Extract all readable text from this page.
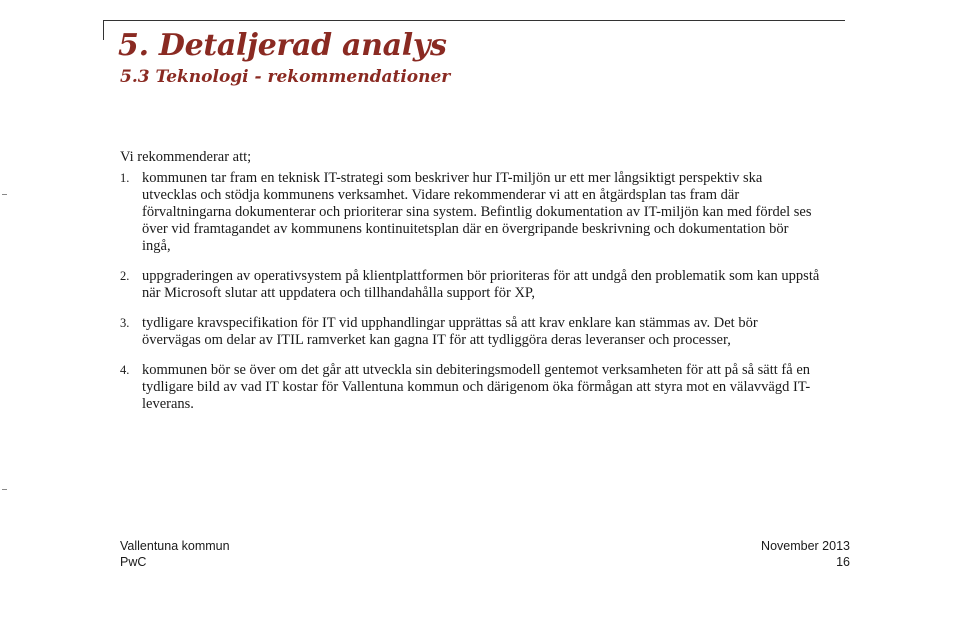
5. Detaljerad analys
5.3 Teknologi - rekommendationer

Vi rekommenderar att;

1. kommunen tar fram en teknisk IT-strategi som beskriver hur IT-miljön ur ett mer långsiktigt perspektiv ska utvecklas och stödja kommunens verksamhet. Vidare rekommenderar vi att en åtgärdsplan tas fram där förvaltningarna dokumenterar och prioriterar sina system. Befintlig dokumentation av IT-miljön kan med fördel ses över vid framtagandet av kommunens kontinuitetsplan där en övergripande beskrivning och dokumentation bör ingå,
2. uppgraderingen av operativsystem på klientplattformen bör prioriteras för att undgå den problematik som kan uppstå när Microsoft slutar att uppdatera och tillhandahålla support för XP,
3. tydligare kravspecifikation för IT vid upphandlingar upprättas så att krav enklare kan stämmas av. Det bör övervägas om delar av ITIL ramverket kan gagna IT för att tydliggöra deras leveranser och processer,
4. kommunen bör se över om det går att utveckla sin debiteringsmodell gentemot verksamheten för att på så sätt få en tydligare bild av vad IT kostar för Vallentuna kommun och därigenom öka förmågan att styra mot en välavvägd IT-leverans.
Vallentuna kommun
PwC
November 2013
16
